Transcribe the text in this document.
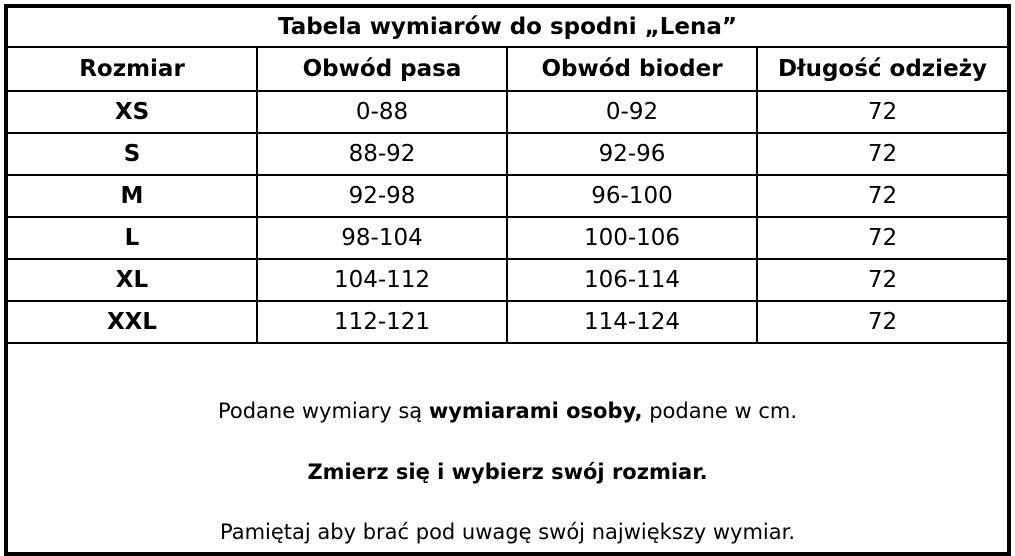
Tabela wymiarów do spodni „Lena”			
Rozmiar	Obwód pasa	Obwód bioder	Długość odzieży
XS	0-88	0-92	72
S	88-92	92-96	72
M	92-98	96-100	72
L	98-104	100-106	72
XL	104-112	106-114	72
XXL	112-121	114-124	72
Podane wymiary są wymiarami osoby, podane w cm.
Zmierz się i wybierz swój rozmiar.
Pamiętaj aby brać pod uwagę swój największy wymiar.
